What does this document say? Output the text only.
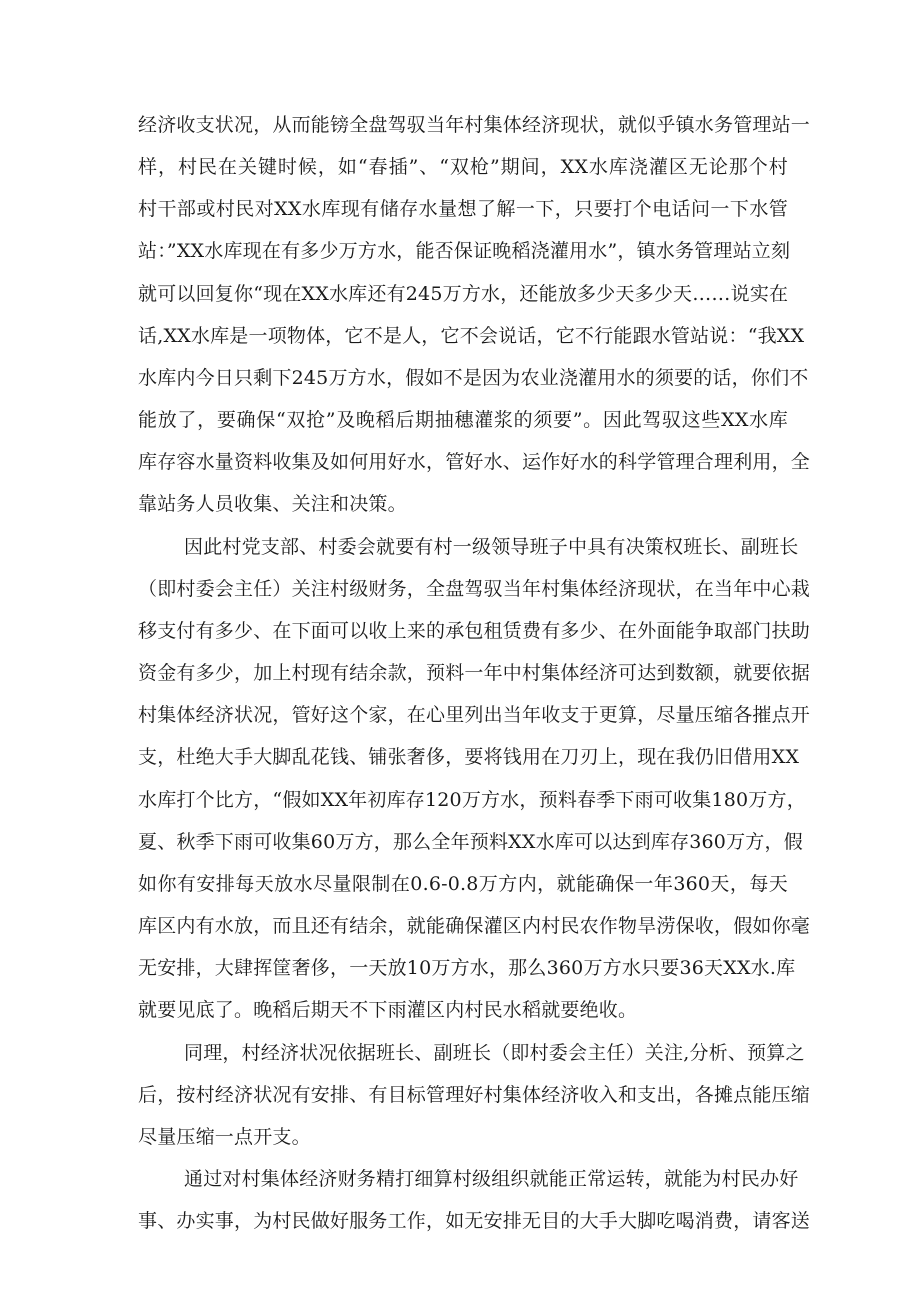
经济收支状况，从而能镑全盘驾驭当年村集体经济现状，就似乎镇水务管理站一
样，村民在关键时候，如“春插”、“双枪”期间，XX水库浇灌区无论那个村
村干部或村民对XX水库现有储存水量想了解一下，只要打个电话问一下水管
站：”XX水库现在有多少万方水，能否保证晚稻浇灌用水”，镇水务管理站立刻
就可以回复你“现在XX水库还有245万方水，还能放多少天多少天……说实在
话,XX水库是一项物体，它不是人，它不会说话，它不行能跟水管站说：“我XX
水库内今日只剩下245万方水，假如不是因为农业浇灌用水的须要的话，你们不
能放了，要确保“双抢”及晚稻后期抽穗灌浆的须要”。因此驾驭这些XX水库
库存容水量资料收集及如何用好水，管好水、运作好水的科学管理合理利用，全
靠站务人员收集、关注和决策。
因此村党支部、村委会就要有村一级领导班子中具有决策权班长、副班长
（即村委会主任）关注村级财务，全盘驾驭当年村集体经济现状，在当年中心栽
移支付有多少、在下面可以收上来的承包租赁费有多少、在外面能争取部门扶助
资金有多少，加上村现有结余款，预料一年中村集体经济可达到数额，就要依据
村集体经济状况，管好这个家，在心里列出当年收支于更算，尽量压缩各摧点开
支，杜绝大手大脚乱花钱、铺张奢侈，要将钱用在刀刃上，现在我仍旧借用XX
水库打个比方，“假如XX年初库存120万方水，预料春季下雨可收集180万方，
夏、秋季下雨可收集60万方，那么全年预料XX水库可以达到库存360万方，假
如你有安排每天放水尽量限制在0.6-0.8万方内，就能确保一年360天，每天
库区内有水放，而且还有结余，就能确保灌区内村民农作物旱涝保收，假如你毫
无安排，大肆挥筐奢侈，一天放10万方水，那么360万方水只要36天XX水.库
就要见底了。晚稻后期天不下雨灌区内村民水稻就要绝收。
同理，村经济状况依据班长、副班长（即村委会主任）关注,分析、预算之
后，按村经济状况有安排、有目标管理好村集体经济收入和支出，各摊点能压缩
尽量压缩一点开支。
通过对村集体经济财务精打细算村级组织就能正常运转，就能为村民办好
事、办实事，为村民做好服务工作，如无安排无目的大手大脚吃喝消费，请客送
